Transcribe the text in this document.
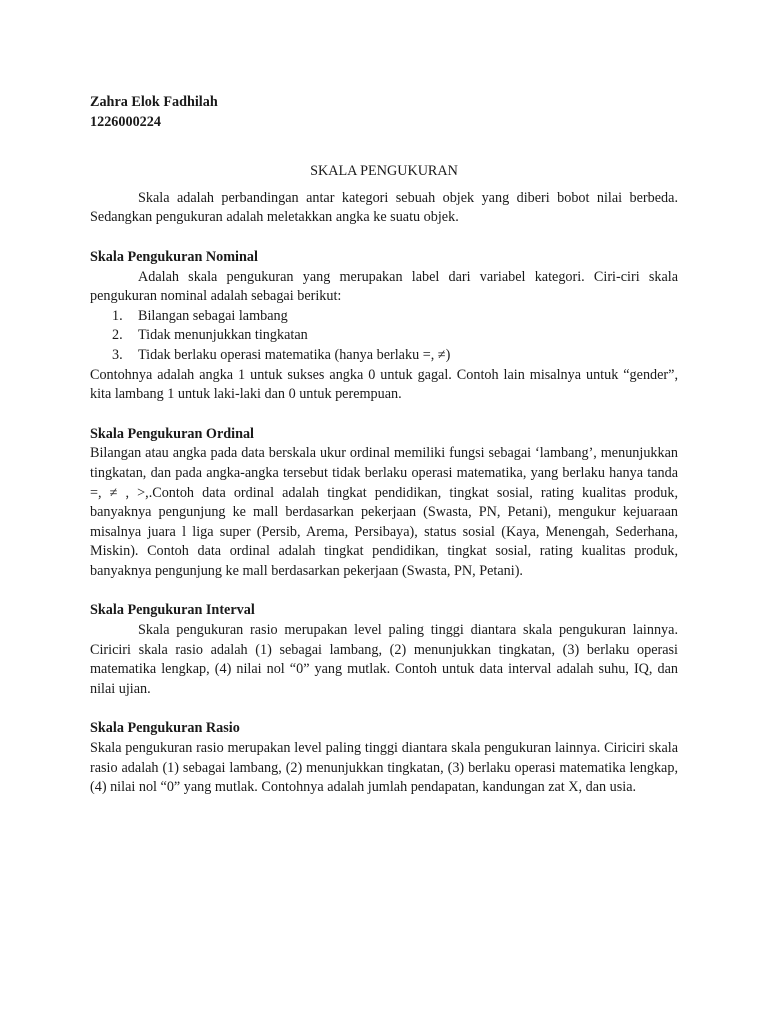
Zahra Elok Fadhilah
1226000224
SKALA PENGUKURAN

Skala adalah perbandingan antar kategori sebuah objek yang diberi bobot nilai berbeda. Sedangkan pengukuran adalah meletakkan angka ke suatu objek.

Skala Pengukuran Nominal

Adalah skala pengukuran yang merupakan label dari variabel kategori. Ciri-ciri skala pengukuran nominal adalah sebagai berikut:

1. Bilangan sebagai lambang
2. Tidak menunjukkan tingkatan
3. Tidak berlaku operasi matematika (hanya berlaku =, ≠)

Contohnya adalah angka 1 untuk sukses angka 0 untuk gagal. Contoh lain misalnya untuk “gender”, kita lambang 1 untuk laki-laki dan 0 untuk perempuan.

Skala Pengukuran Ordinal

Bilangan atau angka pada data berskala ukur ordinal memiliki fungsi sebagai ‘lambang’, menunjukkan tingkatan, dan pada angka-angka tersebut tidak berlaku operasi matematika, yang berlaku hanya tanda =, ≠ , >,.Contoh data ordinal adalah tingkat pendidikan, tingkat sosial, rating kualitas produk, banyaknya pengunjung ke mall berdasarkan pekerjaan (Swasta, PN, Petani), mengukur kejuaraan misalnya juara l liga super (Persib, Arema, Persibaya), status sosial (Kaya, Menengah, Sederhana, Miskin). Contoh data ordinal adalah tingkat pendidikan, tingkat sosial, rating kualitas produk, banyaknya pengunjung ke mall berdasarkan pekerjaan (Swasta, PN, Petani).

Skala Pengukuran Interval

Skala pengukuran rasio merupakan level paling tinggi diantara skala pengukuran lainnya. Ciriciri skala rasio adalah (1) sebagai lambang, (2) menunjukkan tingkatan, (3) berlaku operasi matematika lengkap, (4) nilai nol “0” yang mutlak. Contoh untuk data interval adalah suhu, IQ, dan nilai ujian.

Skala Pengukuran Rasio

Skala pengukuran rasio merupakan level paling tinggi diantara skala pengukuran lainnya. Ciriciri skala rasio adalah (1) sebagai lambang, (2) menunjukkan tingkatan, (3) berlaku operasi matematika lengkap, (4) nilai nol “0” yang mutlak. Contohnya adalah jumlah pendapatan, kandungan zat X, dan usia.
